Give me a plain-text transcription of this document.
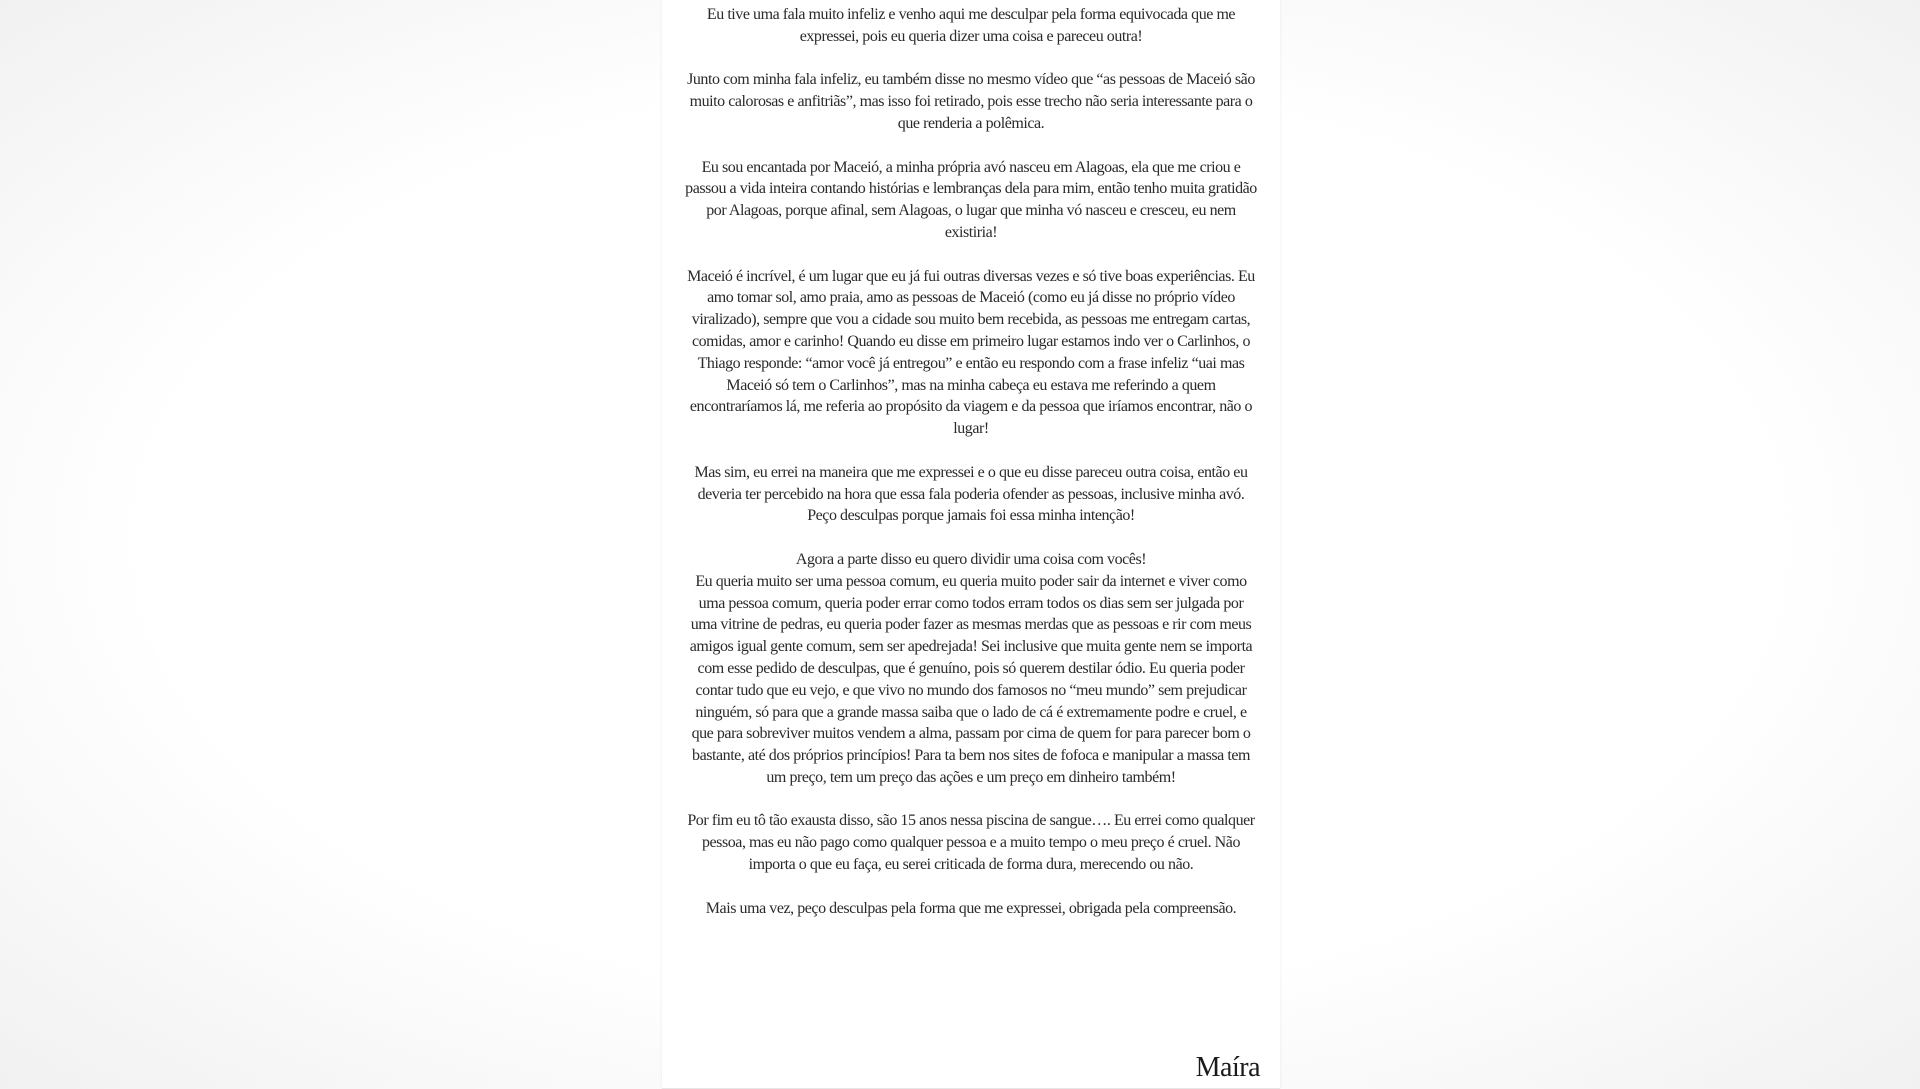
Eu tive uma fala muito infeliz e venho aqui me desculpar pela forma equivocada que me expressei, pois eu queria dizer uma coisa e pareceu outra!

Junto com minha fala infeliz, eu também disse no mesmo vídeo que “as pessoas de Maceió são muito calorosas e anfitriãs”, mas isso foi retirado, pois esse trecho não seria interessante para o que renderia a polêmica.

Eu sou encantada por Maceió, a minha própria avó nasceu em Alagoas, ela que me criou e passou a vida inteira contando histórias e lembranças dela para mim, então tenho muita gratidão por Alagoas, porque afinal, sem Alagoas, o lugar que minha vó nasceu e cresceu, eu nem existiria!

Maceió é incrível, é um lugar que eu já fui outras diversas vezes e só tive boas experiências. Eu amo tomar sol, amo praia, amo as pessoas de Maceió (como eu já disse no próprio vídeo viralizado), sempre que vou a cidade sou muito bem recebida, as pessoas me entregam cartas, comidas, amor e carinho! Quando eu disse em primeiro lugar estamos indo ver o Carlinhos, o Thiago responde: “amor você já entregou” e então eu respondo com a frase infeliz “uai mas Maceió só tem o Carlinhos”, mas na minha cabeça eu estava me referindo a quem encontraríamos lá, me referia ao propósito da viagem e da pessoa que iríamos encontrar, não o lugar!

Mas sim, eu errei na maneira que me expressei e o que eu disse pareceu outra coisa, então eu deveria ter percebido na hora que essa fala poderia ofender as pessoas, inclusive minha avó. Peço desculpas porque jamais foi essa minha intenção!

Agora a parte disso eu quero dividir uma coisa com vocês!

Eu queria muito ser uma pessoa comum, eu queria muito poder sair da internet e viver como uma pessoa comum, queria poder errar como todos erram todos os dias sem ser julgada por uma vitrine de pedras, eu queria poder fazer as mesmas merdas que as pessoas e rir com meus amigos igual gente comum, sem ser apedrejada! Sei inclusive que muita gente nem se importa com esse pedido de desculpas, que é genuíno, pois só querem destilar ódio. Eu queria poder contar tudo que eu vejo, e que vivo no mundo dos famosos no “meu mundo” sem prejudicar ninguém, só para que a grande massa saiba que o lado de cá é extremamente podre e cruel, e que para sobreviver muitos vendem a alma, passam por cima de quem for para parecer bom o bastante, até dos próprios princípios! Para ta bem nos sites de fofoca e manipular a massa tem um preço, tem um preço das ações e um preço em dinheiro também!

Por fim eu tô tão exausta disso, são 15 anos nessa piscina de sangue…. Eu errei como qualquer pessoa, mas eu não pago como qualquer pessoa e a muito tempo o meu preço é cruel. Não importa o que eu faça, eu serei criticada de forma dura, merecendo ou não.

Mais uma vez, peço desculpas pela forma que me expressei, obrigada pela compreensão.

Maíra
